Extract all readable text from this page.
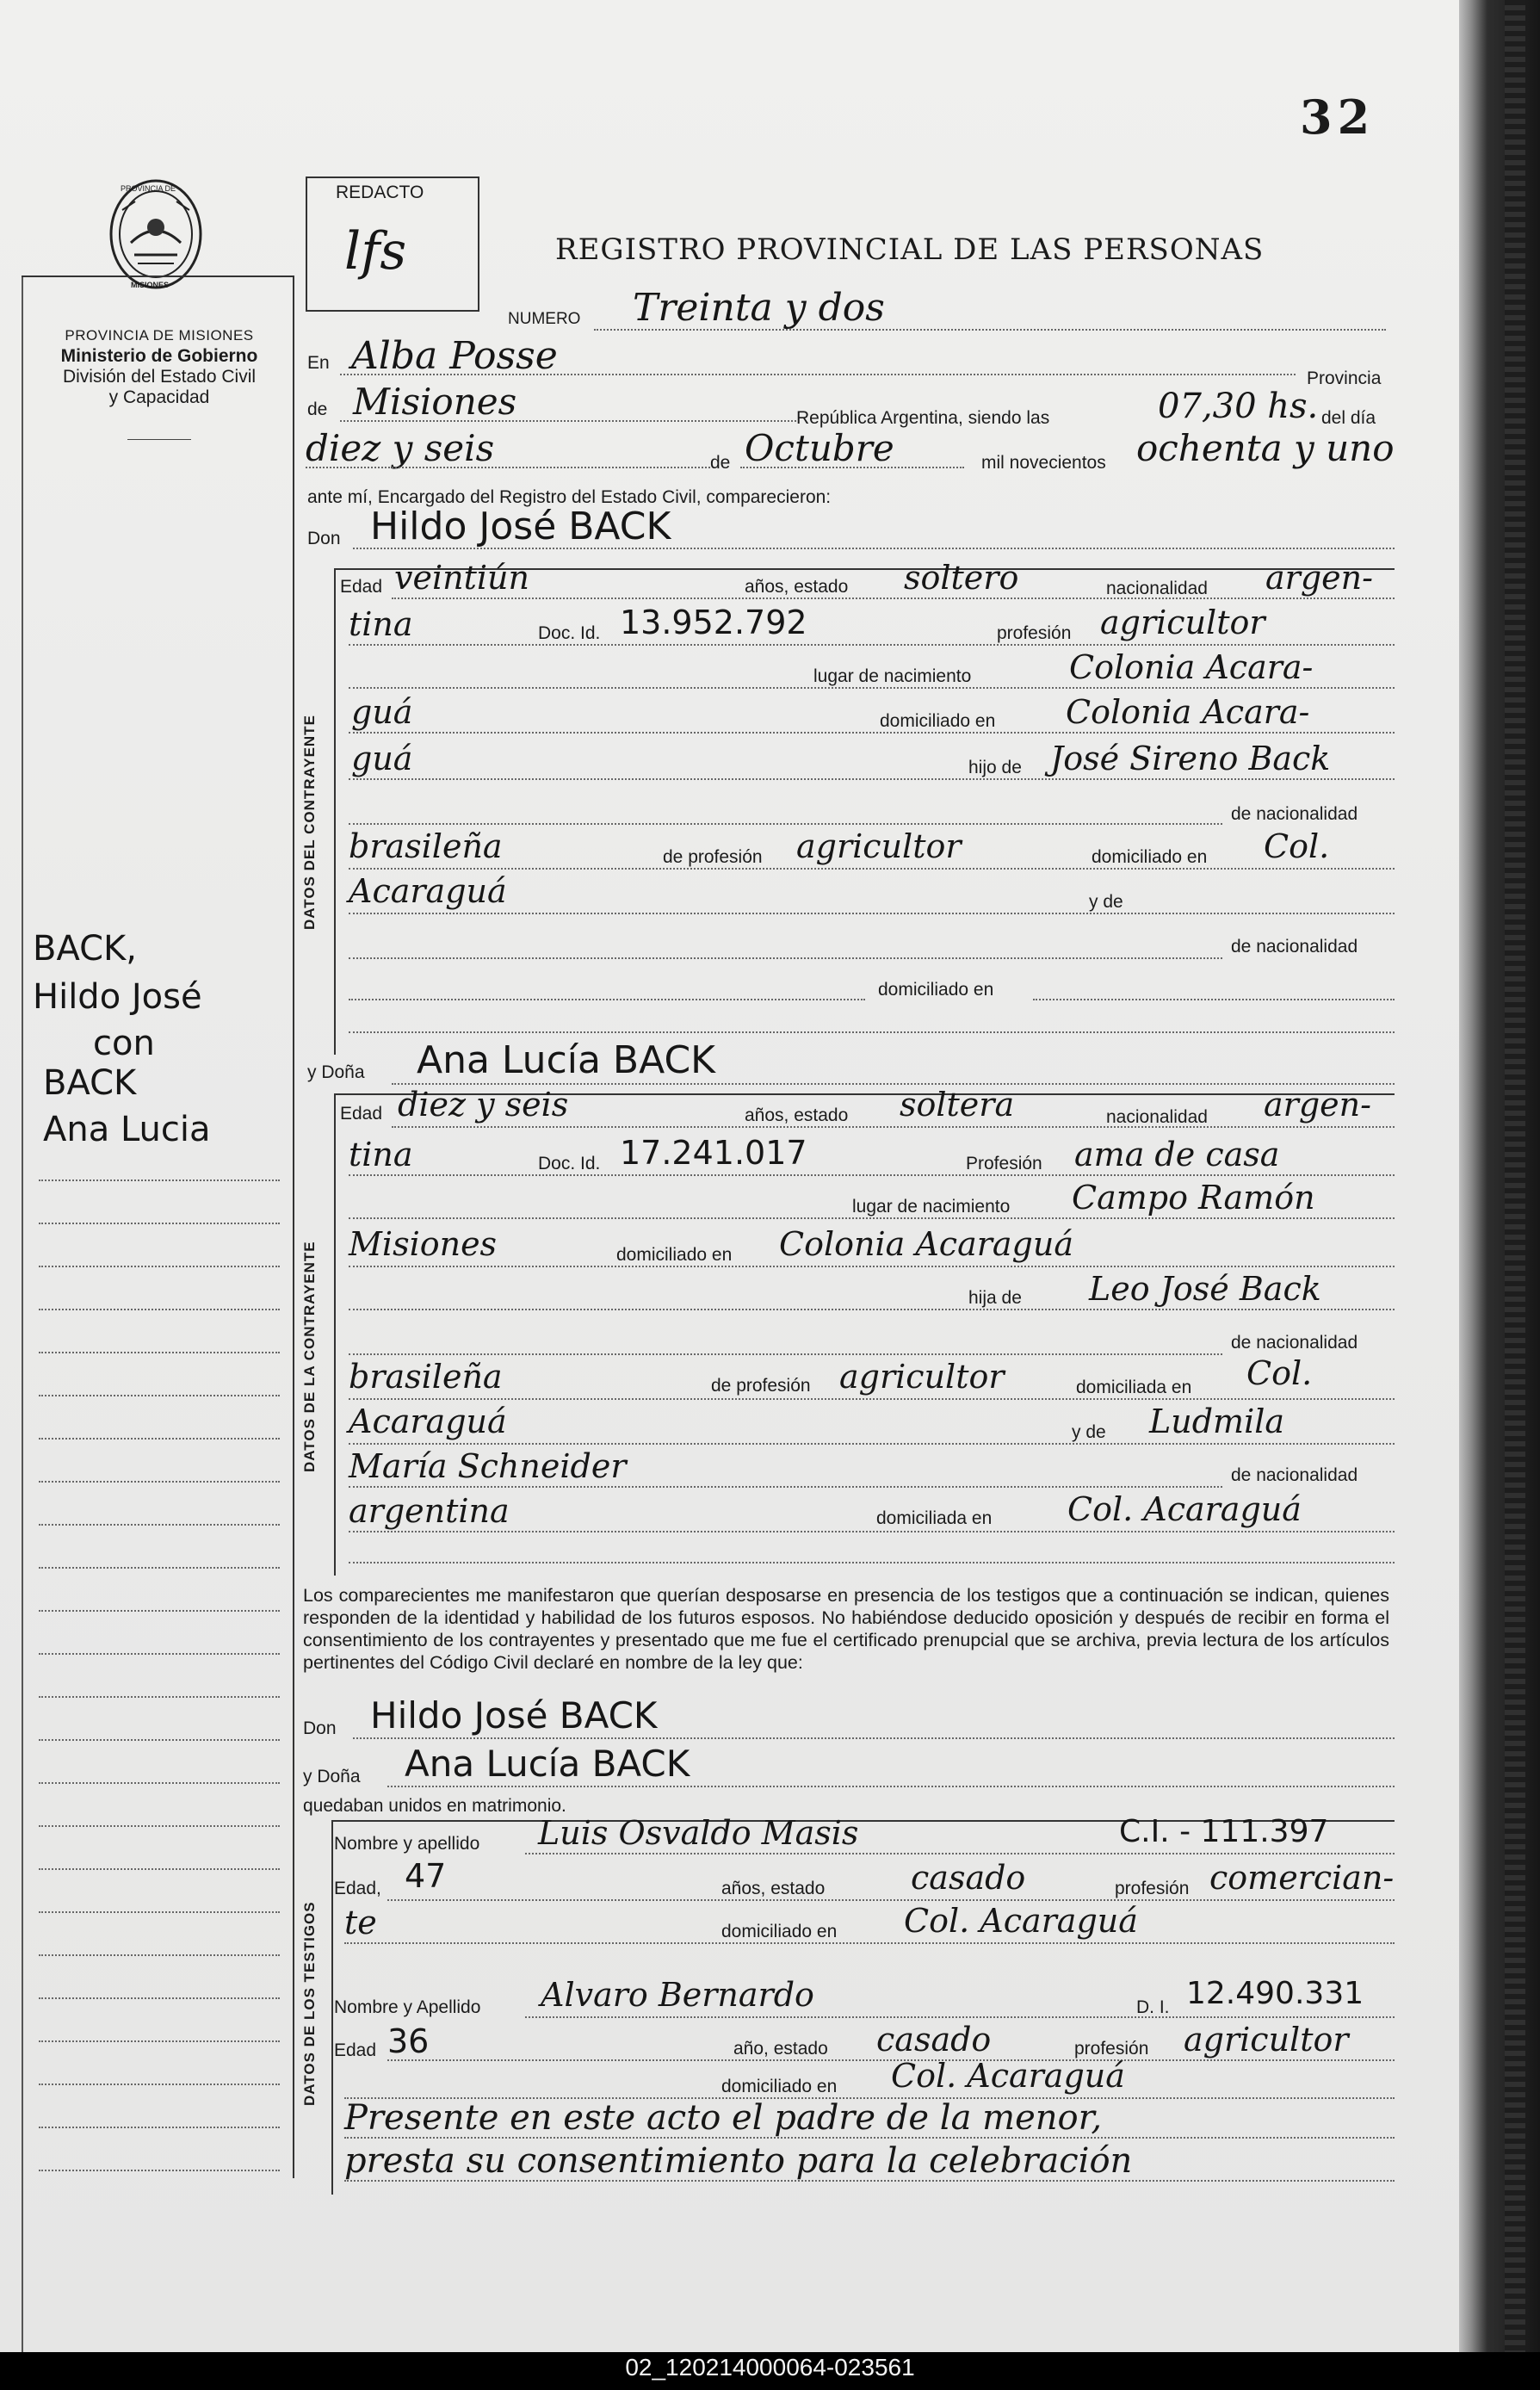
02_120214000064-023561
32
PROVINCIA DE
MISIONES
PROVINCIA DE MISIONES
Ministerio de Gobierno
División del Estado Civil
y Capacidad
REDACTO
lfs	REGISTRO PROVINCIAL DE LAS PERSONAS
BACK,
Hildo José
con
BACK
Ana Lucia
NUMERO Treinta y dos
En Alba Posse
Provincia
de Misiones	República Argentina, siendo las	07,30 hs. del día
diez y seis	de Octubre	mil novecientos ochenta y uno
ante mí, Encargado del Registro del Estado Civil, comparecieron:
Don Hildo José BACK
DATOS DEL CONTRAYENTE
Edad veintiún	años, estado soltero	nacionalidad argen-
tina	Doc. Id. 13.952.792	profesión agricultor
lugar de nacimiento	Colonia Acara-
guá	domiciliado en Colonia Acara-
guá	hijo de José Sireno Back
de nacionalidad
brasileña	de profesión agricultor	domiciliado en Col.
Acaraguá	y de
de nacionalidad
domiciliado en
y Doña Ana Lucía BACK
DATOS DE LA CONTRAYENTE
Edad diez y seis	años, estado soltera	nacionalidad argen-
tina	Doc. Id. 17.241.017	Profesión ama de casa
lugar de nacimiento Campo Ramón
Misiones	domiciliado en Colonia Acaraguá
hija de Leo José Back
de nacionalidad
brasileña	de profesión agricultor	domiciliada en Col.
Acaraguá	y de Ludmila
María Schneider	de nacionalidad
argentina	domiciliada en Col. Acaraguá
Los comparecientes me manifestaron que querían desposarse en presencia de los testigos que a continuación se indican, quienes responden de la identidad y habilidad de los futuros esposos. No habiéndose deducido oposición y después de recibir en forma el consentimiento de los contrayentes y presentado que me fue el certificado prenupcial que se archiva, previa lectura de los artículos pertinentes del Código Civil declaré en nombre de la ley que:
Don Hildo José BACK
y Doña Ana Lucía BACK
quedaban unidos en matrimonio.
DATOS DE LOS TESTIGOS
Nombre y apellido Luis Osvaldo Masis	C.I. - 111.397
Edad, 47	años, estado	casado	profesión comercian-
te	domiciliado en Col. Acaraguá
Nombre y Apellido Alvaro Bernardo	D. I. 12.490.331
Edad 36	año, estado casado	profesión agricultor
domiciliado en Col. Acaraguá
Presente en este acto el padre de la menor,
presta su consentimiento para la celebración
